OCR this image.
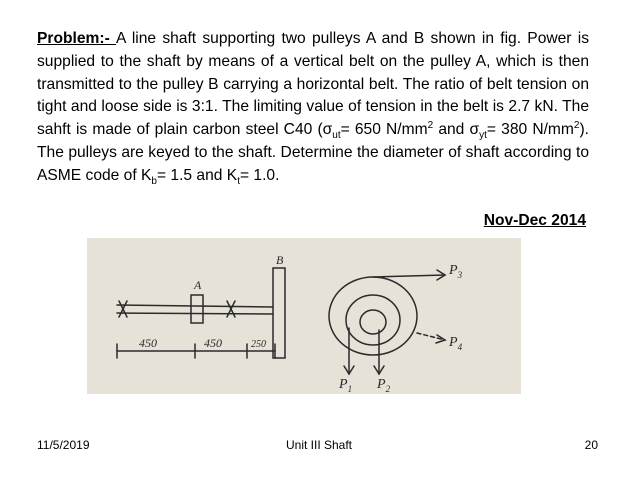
Problem:- A line shaft supporting two pulleys A and B shown in fig. Power is supplied to the shaft by means of a vertical belt on the pulley A, which is then transmitted to the pulley B carrying a horizontal belt. The ratio of belt tension on tight and loose side is 3:1. The limiting value of tension in the belt is 2.7 kN. The sahft is made of plain carbon steel C40 ($\sigma_{ut}= 650$ $N/mm^2$ and $\sigma_{yt}= 380$ $N/mm^2$). The pulleys are keyed to the shaft. Determine the diameter of shaft according to ASME code of $K_b= 1.5$ and $K_t= 1.0$.
Nov-Dec 2014
A
B
450	450	250
$P_3$
$P_4$
$P_1$ $P_2$
11/5/2019	Unit III Shaft	20
